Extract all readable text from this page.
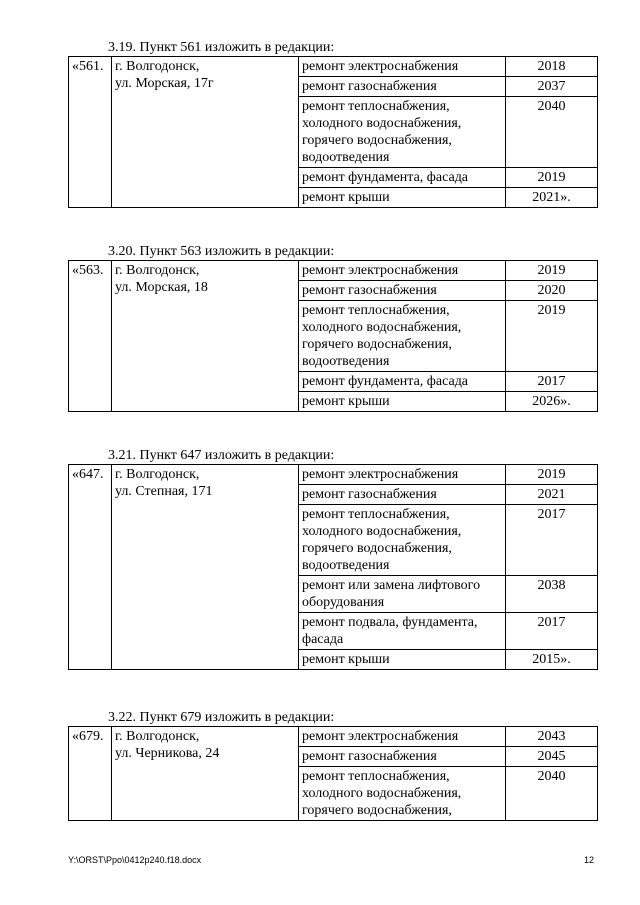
3.19. Пункт 561 изложить в редакции:
«561.	г. Волгодонск,
ул. Морская, 17г	ремонт электроснабжения	2018

		ремонт газоснабжения	2037

		ремонт теплоснабжения,
холодного водоснабжения,
горячего водоснабжения,
водоотведения	2040

		ремонт фундамента, фасада	2019

		ремонт крыши	2021».
3.20. Пункт 563 изложить в редакции:
«563.	г. Волгодонск,
ул. Морская, 18	ремонт электроснабжения	2019

		ремонт газоснабжения	2020

		ремонт теплоснабжения,
холодного водоснабжения,
горячего водоснабжения,
водоотведения	2019

		ремонт фундамента, фасада	2017

		ремонт крыши	2026».
3.21. Пункт 647 изложить в редакции:
«647.	г. Волгодонск,
ул. Степная, 171	ремонт электроснабжения	2019

		ремонт газоснабжения	2021

		ремонт теплоснабжения,
холодного водоснабжения,
горячего водоснабжения,
водоотведения	2017

		ремонт или замена лифтового
оборудования	2038

		ремонт подвала, фундамента,
фасада	2017

		ремонт крыши	2015».
3.22. Пункт 679 изложить в редакции:
«679.	г. Волгодонск,
ул. Черникова, 24	ремонт электроснабжения	2043

		ремонт газоснабжения	2045

		ремонт теплоснабжения,
холодного водоснабжения,
горячего водоснабжения,	2040
Y:\ORST\Ppo\0412p240.f18.docx	12
